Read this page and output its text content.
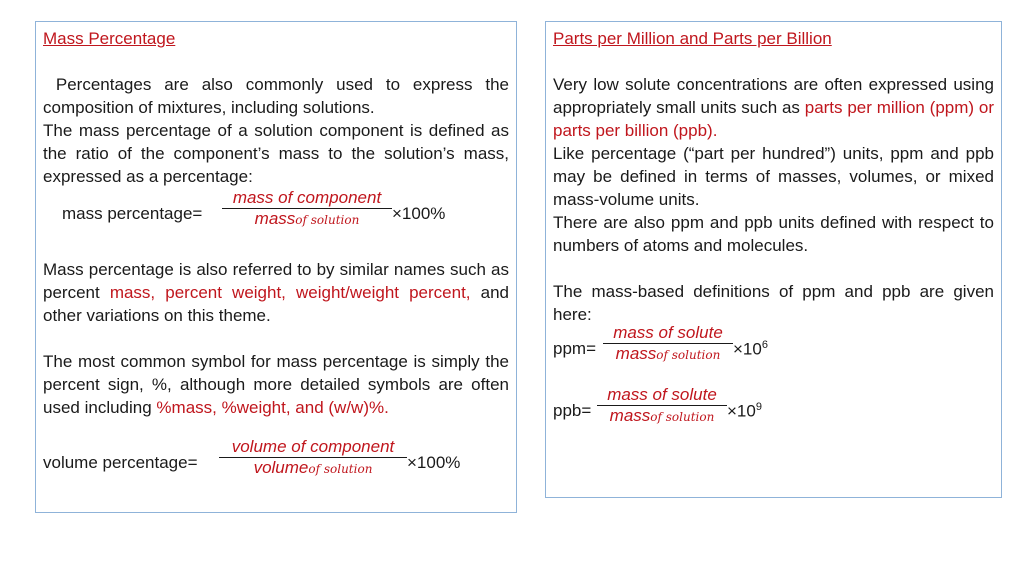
Mass Percentage
Percentages are also commonly used to express the composition of mixtures, including solutions.
The mass percentage of a solution component is defined as the ratio of the component’s mass to the solution’s mass, expressed as a percentage:
mass percentage=
mass of component
massof solution	×100%
Mass percentage is also referred to by similar names such as percent mass, percent weight, weight/weight percent, and other variations on this theme.
The most common symbol for mass percentage is simply the percent sign, %, although more detailed symbols are often used including %mass, %weight, and (w/w)%.
volume percentage=
volume of component
volumeof solution	×100%
Parts per Million and Parts per Billion
Very low solute concentrations are often expressed using appropriately small units such as parts per million (ppm) or parts per billion (ppb).
Like percentage (“part per hundred”) units, ppm and ppb may be defined in terms of masses, volumes, or mixed mass-volume units.
There are also ppm and ppb units defined with respect to numbers of atoms and molecules.
The mass-based definitions of ppm and ppb are given here:
ppm=
mass of solute
massof solution $\times 10^6$
ppb=
mass of solute
massof solution $\times 10^9$
